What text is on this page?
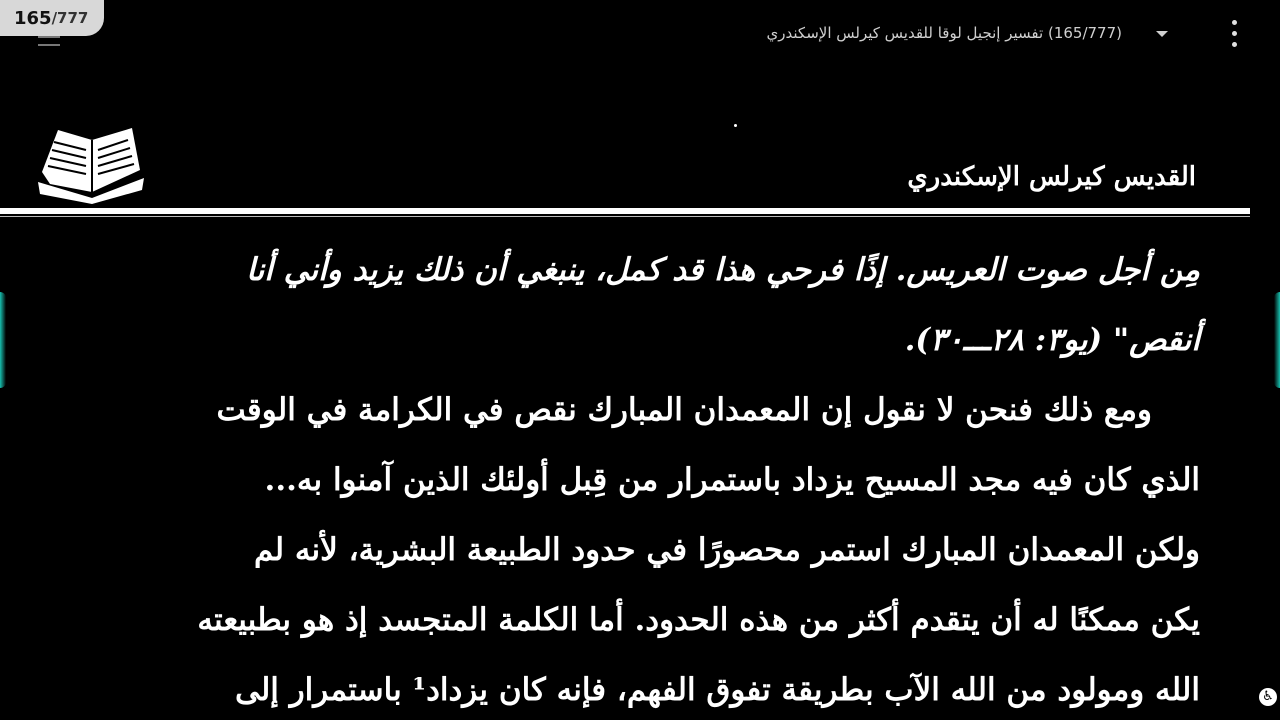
165 /777
(165/777) تفسير إنجيل لوقا للقديس كيرلس الإسكندري
القديس كيرلس الإسكندري
مِن أجل صوت العريس. إذًا فرحي هذا قد كمل، ينبغي أن ذلك يزيد وأني أنا
أنقص" (يو٣: ٢٨ـــ٣٠).
ومع ذلك فنحن لا نقول إن المعمدان المبارك نقص في الكرامة في الوقت
الذي كان فيه مجد المسيح يزداد باستمرار من قِبل أولئك الذين آمنوا به...
ولكن المعمدان المبارك استمر محصورًا في حدود الطبيعة البشرية، لأنه لم
يكن ممكنًا له أن يتقدم أكثر من هذه الحدود. أما الكلمة المتجسد إذ هو بطبيعته
الله ومولود من الله الآب بطريقة تفوق الفهم، فإنه كان يزداد¹ باستمرار إلى	♿
